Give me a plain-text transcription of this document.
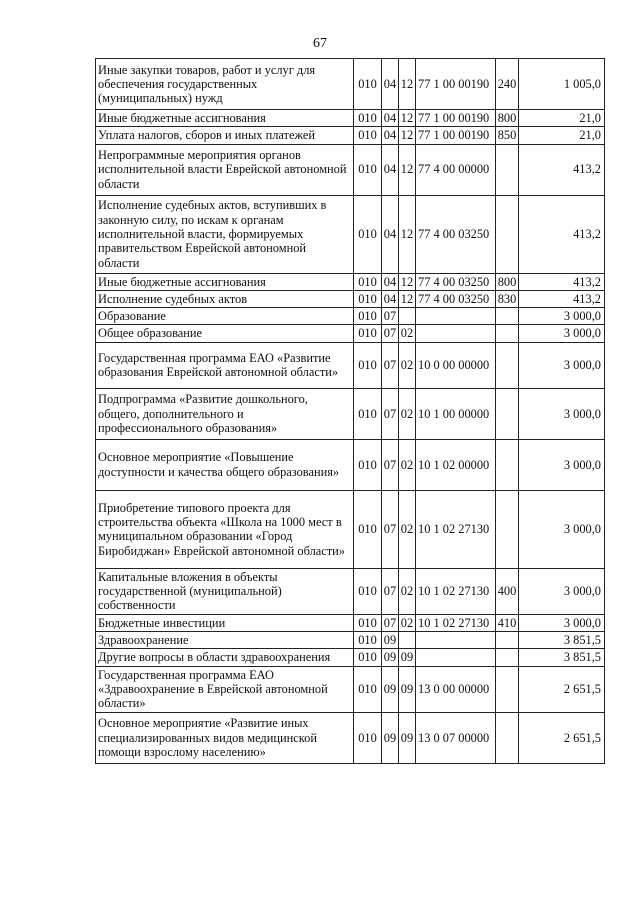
67
Иные закупки товаров, работ и услуг для обеспечения государственных (муниципальных) нужд	010	04	12	77 1 00 00190	240	1 005,0
Иные бюджетные ассигнования	010	04	12	77 1 00 00190	800	21,0
Уплата налогов, сборов и иных платежей	010	04	12	77 1 00 00190	850	21,0
Непрограммные мероприятия органов исполнительной власти Еврейской автономной области	010	04	12	77 4 00 00000		413,2
Исполнение судебных актов, вступивших в законную силу, по искам к органам исполнительной власти, формируемых правительством Еврейской автономной области	010	04	12	77 4 00 03250		413,2
Иные бюджетные ассигнования	010	04	12	77 4 00 03250	800	413,2
Исполнение судебных актов	010	04	12	77 4 00 03250	830	413,2
Образование	010	07				3 000,0
Общее образование	010	07	02			3 000,0
Государственная программа ЕАО «Развитие образования Еврейской автономной области»	010	07	02	10 0 00 00000		3 000,0
Подпрограмма «Развитие дошкольного, общего, дополнительного и профессионального образования»	010	07	02	10 1 00 00000		3 000,0
Основное мероприятие «Повышение доступности и качества общего образования»	010	07	02	10 1 02 00000		3 000,0
Приобретение типового проекта для строительства объекта «Школа на 1000 мест в муниципальном образовании «Город Биробиджан» Еврейской автономной области»	010	07	02	10 1 02 27130		3 000,0
Капитальные вложения в объекты государственной (муниципальной) собственности	010	07	02	10 1 02 27130	400	3 000,0
Бюджетные инвестиции	010	07	02	10 1 02 27130	410	3 000,0
Здравоохранение	010	09				3 851,5
Другие вопросы в области здравоохранения	010	09	09			3 851,5
Государственная программа ЕАО «Здравоохранение в Еврейской автономной области»	010	09	09	13 0 00 00000		2 651,5
Основное мероприятие «Развитие иных специализированных видов медицинской помощи взрослому населению»	010	09	09	13 0 07 00000		2 651,5
